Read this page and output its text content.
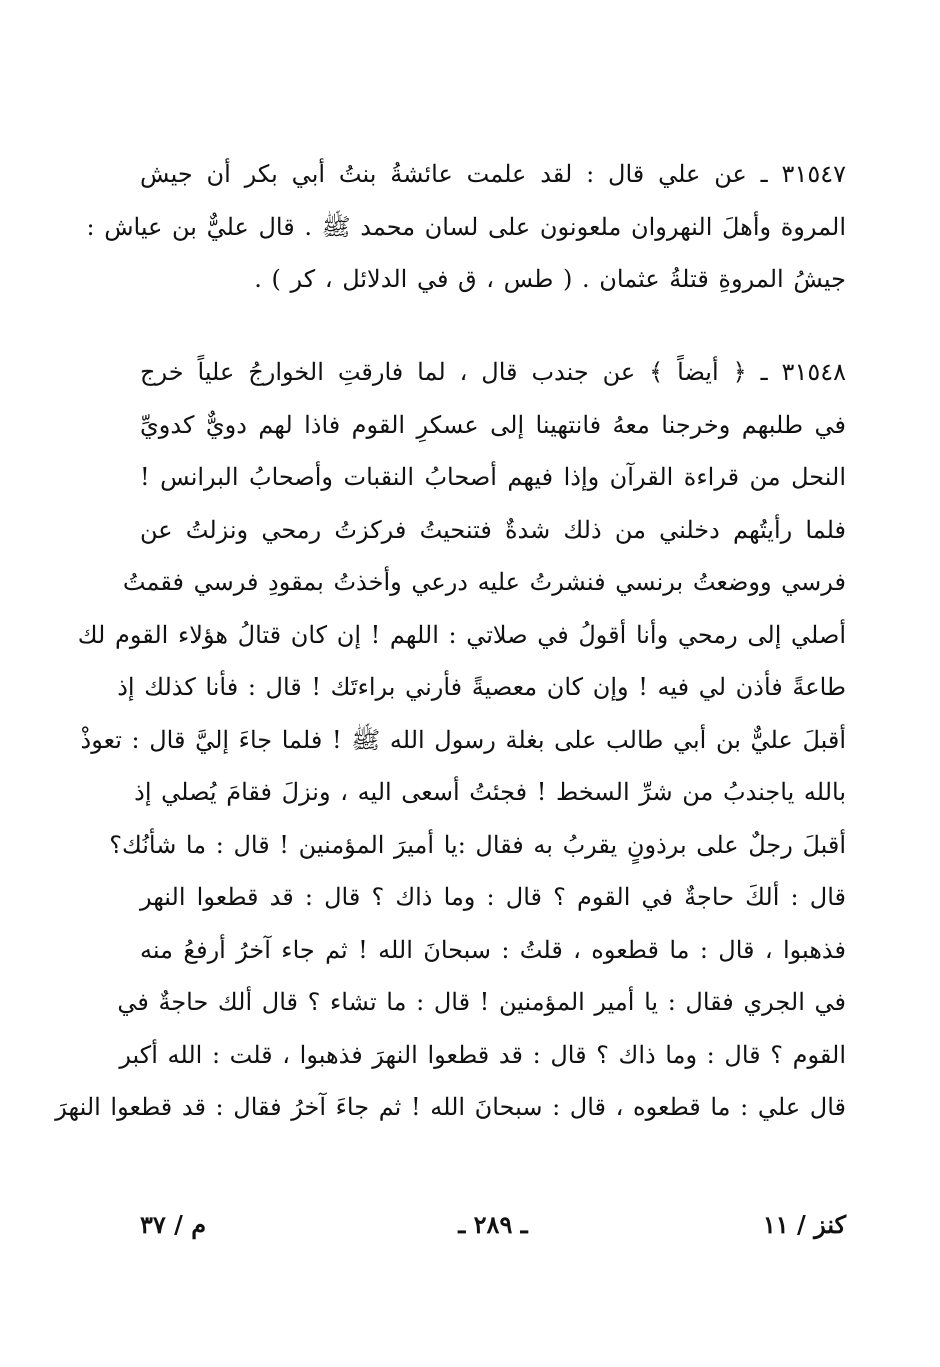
٣١٥٤٧ ـ عن علي قال : لقد علمت عائشةُ بنتُ أبي بكر أن جيش
المروة وأهلَ النهروان ملعونون على لسان محمد ﷺ . قال عليٌّ بن عياش :
جيشُ المروةِ قتلةُ عثمان . ( طس ، ق في الدلائل ، كر ) .
٣١٥٤٨ ـ ﴿ أيضاً ﴾ عن جندب قال ، لما فارقتِ الخوارجُ علياً خرج
في طلبهم وخرجنا معهُ فانتهينا إلى عسكرِ القوم فاذا لهم دويٌّ كدويِّ
النحل من قراءة القرآن وإذا فيهم أصحابُ النقبات وأصحابُ البرانس !
فلما رأيتُهم دخلني من ذلك شدةٌ فتنحيتُ فركزتُ رمحي ونزلتُ عن
فرسي ووضعتُ برنسي فنشرتُ عليه درعي وأخذتُ بمقودِ فرسي فقمتُ
أصلي إلى رمحي وأنا أقولُ في صلاتي : اللهم ! إن كان قتالُ هؤلاء القوم لك
طاعةً فأذن لي فيه ! وإن كان معصيةً فأرني براءتَك ! قال : فأنا كذلك إذ
أقبلَ عليٌّ بن أبي طالب على بغلة رسول الله ﷺ ! فلما جاءَ إليَّ قال : تعوذْ
بالله ياجندبُ من شرِّ السخط ! فجئتُ أسعى اليه ، ونزلَ فقامَ يُصلي إذ
أقبلَ رجلٌ على برذونٍ يقربُ به فقال :يا أميرَ المؤمنين ! قال : ما شأنُك؟
قال : ألكَ حاجةٌ في القوم ؟ قال : وما ذاك ؟ قال : قد قطعوا النهر
فذهبوا ، قال : ما قطعوه ، قلتُ : سبحانَ الله ! ثم جاء آخرُ أرفعُ منه
في الجري فقال : يا أمير المؤمنين ! قال : ما تشاء ؟ قال ألك حاجةٌ في
القوم ؟ قال : وما ذاك ؟ قال : قد قطعوا النهرَ فذهبوا ، قلت : الله أكبر
قال علي : ما قطعوه ، قال : سبحانَ الله ! ثم جاءَ آخرُ فقال : قد قطعوا النهرَ
كنز / ١١
ـ ٢٨٩ ـ
م / ٣٧
